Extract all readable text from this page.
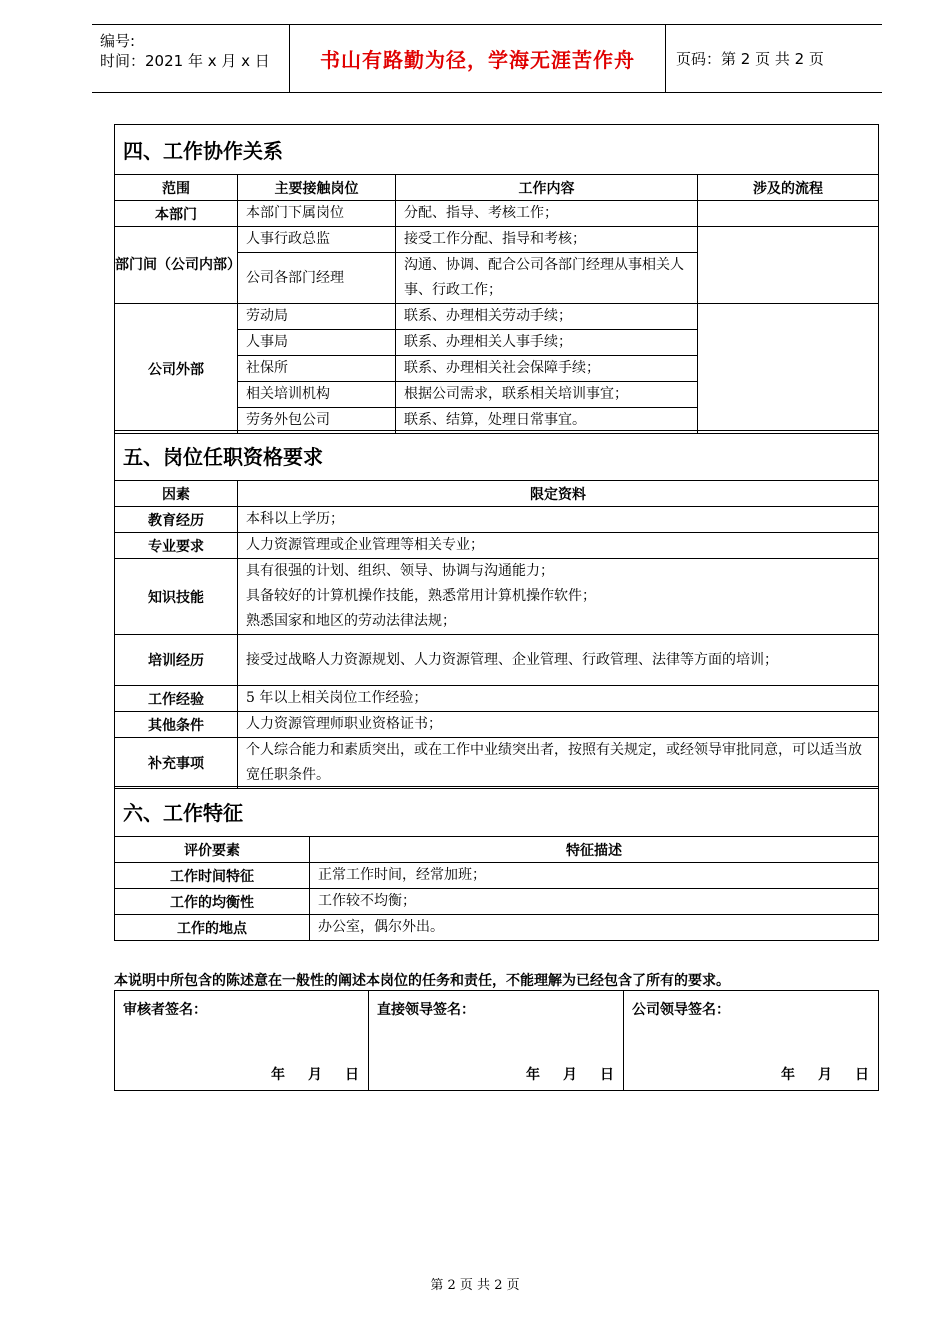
编号:
时间：2021 年 x 月 x 日	书山有路勤为径，学海无涯苦作舟	页码：第 2 页 共 2 页
四、工作协作关系			
范围	主要接触岗位	工作内容	涉及的流程
本部门	本部门下属岗位	分配、指导、考核工作；	
部门间（公司内部）	人事行政总监	接受工作分配、指导和考核；	
	公司各部门经理	沟通、协调、配合公司各部门经理从事相关人事、行政工作；	
公司外部	劳动局	联系、办理相关劳动手续；	
	人事局	联系、办理相关人事手续；	
	社保所	联系、办理相关社会保障手续；	
	相关培训机构	根据公司需求，联系相关培训事宜；	
	劳务外包公司	联系、结算，处理日常事宜。	
五、岗位任职资格要求	
因素	限定资料
教育经历	本科以上学历；
专业要求	人力资源管理或企业管理等相关专业；
知识技能	具有很强的计划、组织、领导、协调与沟通能力；
具备较好的计算机操作技能，熟悉常用计算机操作软件；
熟悉国家和地区的劳动法律法规；

培训经历	接受过战略人力资源规划、人力资源管理、企业管理、行政管理、法律等方面的培训；
工作经验	5 年以上相关岗位工作经验；
其他条件	人力资源管理师职业资格证书；
补充事项	个人综合能力和素质突出，或在工作中业绩突出者，按照有关规定，或经领导审批同意，可以适当放宽任职条件。
六、工作特征	
评价要素	特征描述
工作时间特征	正常工作时间，经常加班；
工作的均衡性	工作较不均衡；
工作的地点	办公室，偶尔外出。
本说明中所包含的陈述意在一般性的阐述本岗位的任务和责任，不能理解为已经包含了所有的要求。
审核者签名：
年 月 日

直接领导签名：
年 月 日

公司领导签名：
年 月 日
第 2 页 共 2 页
